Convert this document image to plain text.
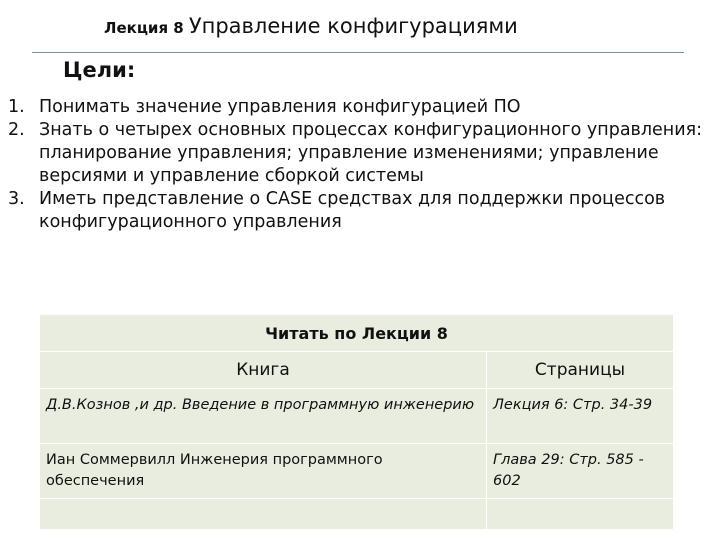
Лекция 8 Управление конфигурациями
Цели:
1. Понимать значение управления конфигурацией ПО
2. Знать о четырех основных процессах конфигурационного управления: планирование управления; управление изменениями; управление версиями и управление сборкой системы
3. Иметь представление о CASE средствах для поддержки процессов конфигурационного управления
Читать по Лекции 8	
Книга	Страницы
Д.В.Кознов ,и др. Введение в программную инженерию	Лекция 6: Стр. 34-39
Иан Соммервилл Инженерия программного обеспечения	Глава 29: Стр. 585 - 602
